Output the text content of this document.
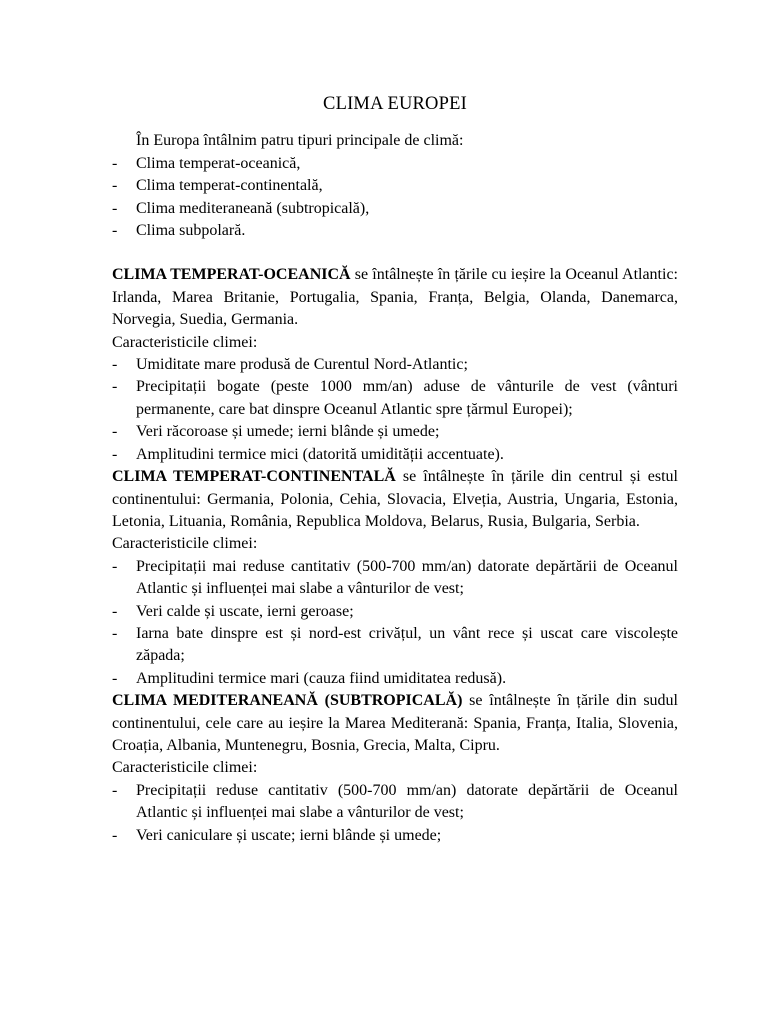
CLIMA EUROPEI

În Europa întâlnim patru tipuri principale de climă:

- Clima temperat-oceanică,
- Clima temperat-continentală,
- Clima mediteraneană (subtropicală),
- Clima subpolară.

CLIMA TEMPERAT-OCEANICĂ se întâlnește în țările cu ieșire la Oceanul Atlantic: Irlanda, Marea Britanie, Portugalia, Spania, Franța, Belgia, Olanda, Danemarca, Norvegia, Suedia, Germania.

Caracteristicile climei:

- Umiditate mare produsă de Curentul Nord-Atlantic;
- Precipitații bogate (peste 1000 mm/an) aduse de vânturile de vest (vânturi permanente, care bat dinspre Oceanul Atlantic spre țărmul Europei);
- Veri răcoroase și umede; ierni blânde și umede;
- Amplitudini termice mici (datorită umidității accentuate).

CLIMA TEMPERAT-CONTINENTALĂ se întâlnește în țările din centrul și estul continentului: Germania, Polonia, Cehia, Slovacia, Elveția, Austria, Ungaria, Estonia, Letonia, Lituania, România, Republica Moldova, Belarus, Rusia, Bulgaria, Serbia.

Caracteristicile climei:

- Precipitații mai reduse cantitativ (500-700 mm/an) datorate depărtării de Oceanul Atlantic și influenței mai slabe a vânturilor de vest;
- Veri calde și uscate, ierni geroase;
- Iarna bate dinspre est și nord-est crivățul, un vânt rece și uscat care viscolește zăpada;
- Amplitudini termice mari (cauza fiind umiditatea redusă).

CLIMA MEDITERANEANĂ (SUBTROPICALĂ) se întâlnește în țările din sudul continentului, cele care au ieșire la Marea Mediterană: Spania, Franța, Italia, Slovenia, Croația, Albania, Muntenegru, Bosnia, Grecia, Malta, Cipru.

Caracteristicile climei:

- Precipitații reduse cantitativ (500-700 mm/an) datorate depărtării de Oceanul Atlantic și influenței mai slabe a vânturilor de vest;
- Veri caniculare și uscate; ierni blânde și umede;
